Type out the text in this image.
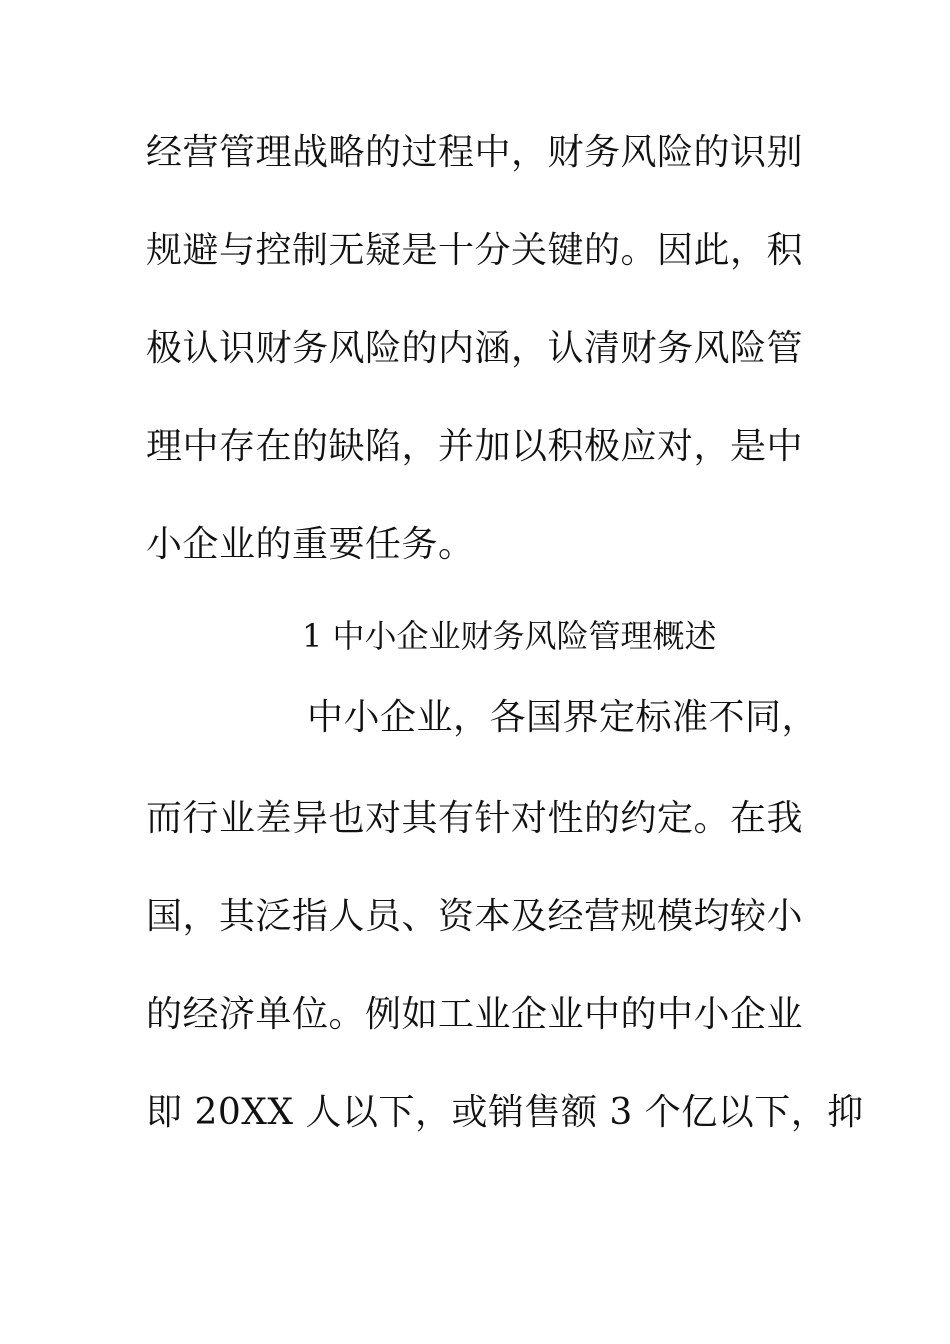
经营管理战略的过程中，财务风险的识别
规避与控制无疑是十分关键的。因此，积
极认识财务风险的内涵，认清财务风险管
理中存在的缺陷，并加以积极应对，是中
小企业的重要任务。
1 中小企业财务风险管理概述
中小企业，各国界定标准不同，
而行业差异也对其有针对性的约定。在我
国，其泛指人员、资本及经营规模均较小
的经济单位。例如工业企业中的中小企业
即 20XX 人以下，或销售额 3 个亿以下，抑
